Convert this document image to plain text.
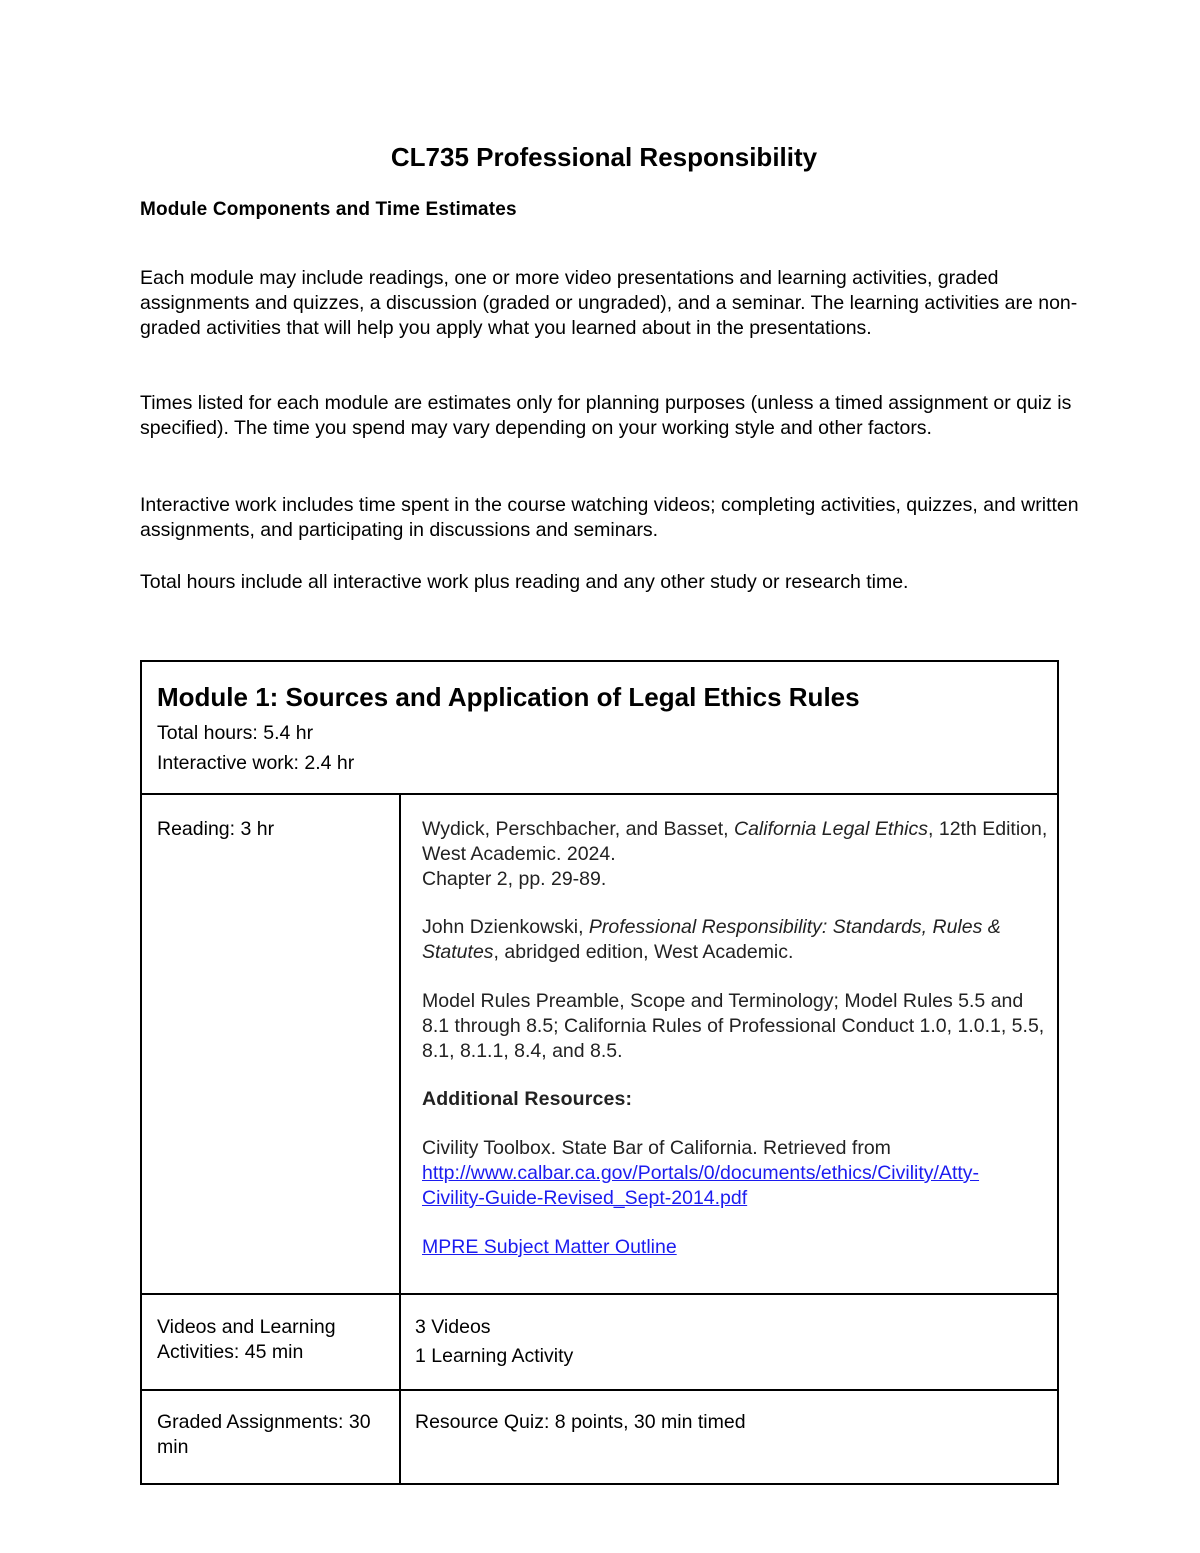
CL735 Professional Responsibility
Module Components and Time Estimates

Each module may include readings, one or more video presentations and learning activities, graded assignments and quizzes, a discussion (graded or ungraded), and a seminar. The learning activities are non-graded activities that will help you apply what you learned about in the presentations.

Times listed for each module are estimates only for planning purposes (unless a timed assignment or quiz is specified). The time you spend may vary depending on your working style and other factors.

Interactive work includes time spent in the course watching videos; completing activities, quizzes, and written assignments, and participating in discussions and seminars.

Total hours include all interactive work plus reading and any other study or research time.

Module 1: Sources and Application of Legal Ethics Rules

Total hours: 5.4 hr

Interactive work: 2.4 hr

Reading: 3 hr	Wydick, Perschbacher, and Basset, California Legal Ethics, 12th Edition, West Academic. 2024.
Chapter 2, pp. 29-89.

John Dzienkowski, Professional Responsibility: Standards, Rules & Statutes, abridged edition, West Academic.

Model Rules Preamble, Scope and Terminology; Model Rules 5.5 and 8.1 through 8.5; California Rules of Professional Conduct 1.0, 1.0.1, 5.5, 8.1, 8.1.1, 8.4, and 8.5.

Additional Resources:

Civility Toolbox. State Bar of California. Retrieved from
http://www.calbar.ca.gov/Portals/0/documents/ethics/Civility/Atty-
Civility-Guide-Revised_Sept-2014.pdf

MPRE Subject Matter Outline

Videos and Learning Activities: 45 min

3 Videos
1 Learning Activity

Graded Assignments: 30 min

Resource Quiz: 8 points, 30 min timed
